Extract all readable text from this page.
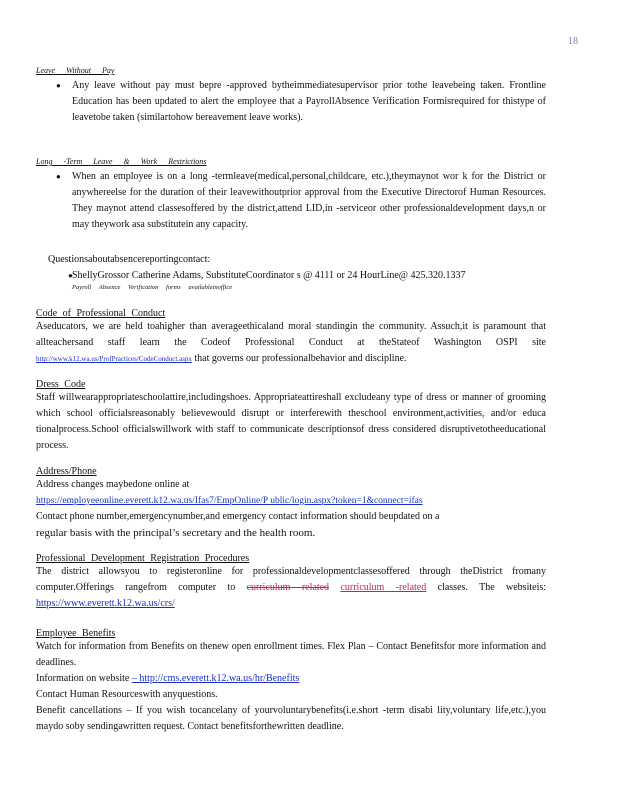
18
Leave Without Pay
● Any leave without pay must bepre -approved bytheimmediatesupervisor prior tothe leavebeing taken. Frontline Education has been updated to alert the employee that a PayrollAbsence Verification Formisrequired for thistype of leavetobe taken (similartohow bereavement leave works).
Long -Term Leave & Work Restrictions
● When an employee is on a long -termleave(medical,personal,childcare, etc.),theymaynot wor k for the District or anywhereelse for the duration of their leavewithoutprior approval from the Executive Directorof Human Resources. They maynot attend classesoffered by the district,attend LID,in -serviceor other professionaldevelopment days,n or may theywork asa substitutein any capacity.

Questionsaboutabsencereportingcontact:

● ShellyGrossor Catherine Adams, SubstituteCoordinator s @ 4111 or 24 HourLine@ 425.320.1337
Payroll Absence Verification forms availableinoffice
Code of Professional Conduct

Aseducators, we are held toahigher than averageethicaland moral standingin the community. Assuch,it is paramount that allteachersand staff learn the Codeof Professional Conduct at theStateof Washington OSPI site http://www.k12.wa.us/ProfPractices/CodeConduct.aspx that governs our professionalbehavior and discipline.

Dress Code

Staff willwearappropriateschoolattire,includingshoes. Appropriateattireshall excludeany type of dress or manner of grooming which school officialsreasonably believewould disrupt or interferewith theschool environment,activities, and/or educa tionalprocess.School officialswillwork with staff to communicate descriptionsof dress considered disruptivetotheeducational process.

Address/Phone

Address changes maybedone online at

https://employeeonline.everett.k12.wa.us/Ifas7/EmpOnline/P ublic/login.aspx?token=1&connect=ifas

Contact phone number,emergencynumber,and emergency contact information should beupdated on a

regular basis with the principal’s secretary and the health room.

Professional Development Registration Procedures

The district allowsyou to registeronline for professionaldevelopmentclassesoffered through theDistrict fromany computer.Offerings rangefrom computer to curriculum related curriculum -related classes. The websiteis: https://www.everett.k12.wa.us/crs/

Employee Benefits

Watch for information from Benefits on thenew open enrollment times. Flex Plan – Contact Benefitsfor more information and deadlines.

Information on website – http://cms.everett.k12.wa.us/hr/Benefits

Contact Human Resourceswith anyquestions.

Benefit cancellations – If you wish tocancelany of yourvoluntarybenefits(i.e.short -term disabi lity,voluntary life,etc.),you maydo soby sendingawritten request. Contact benefitsforthewritten deadline.
